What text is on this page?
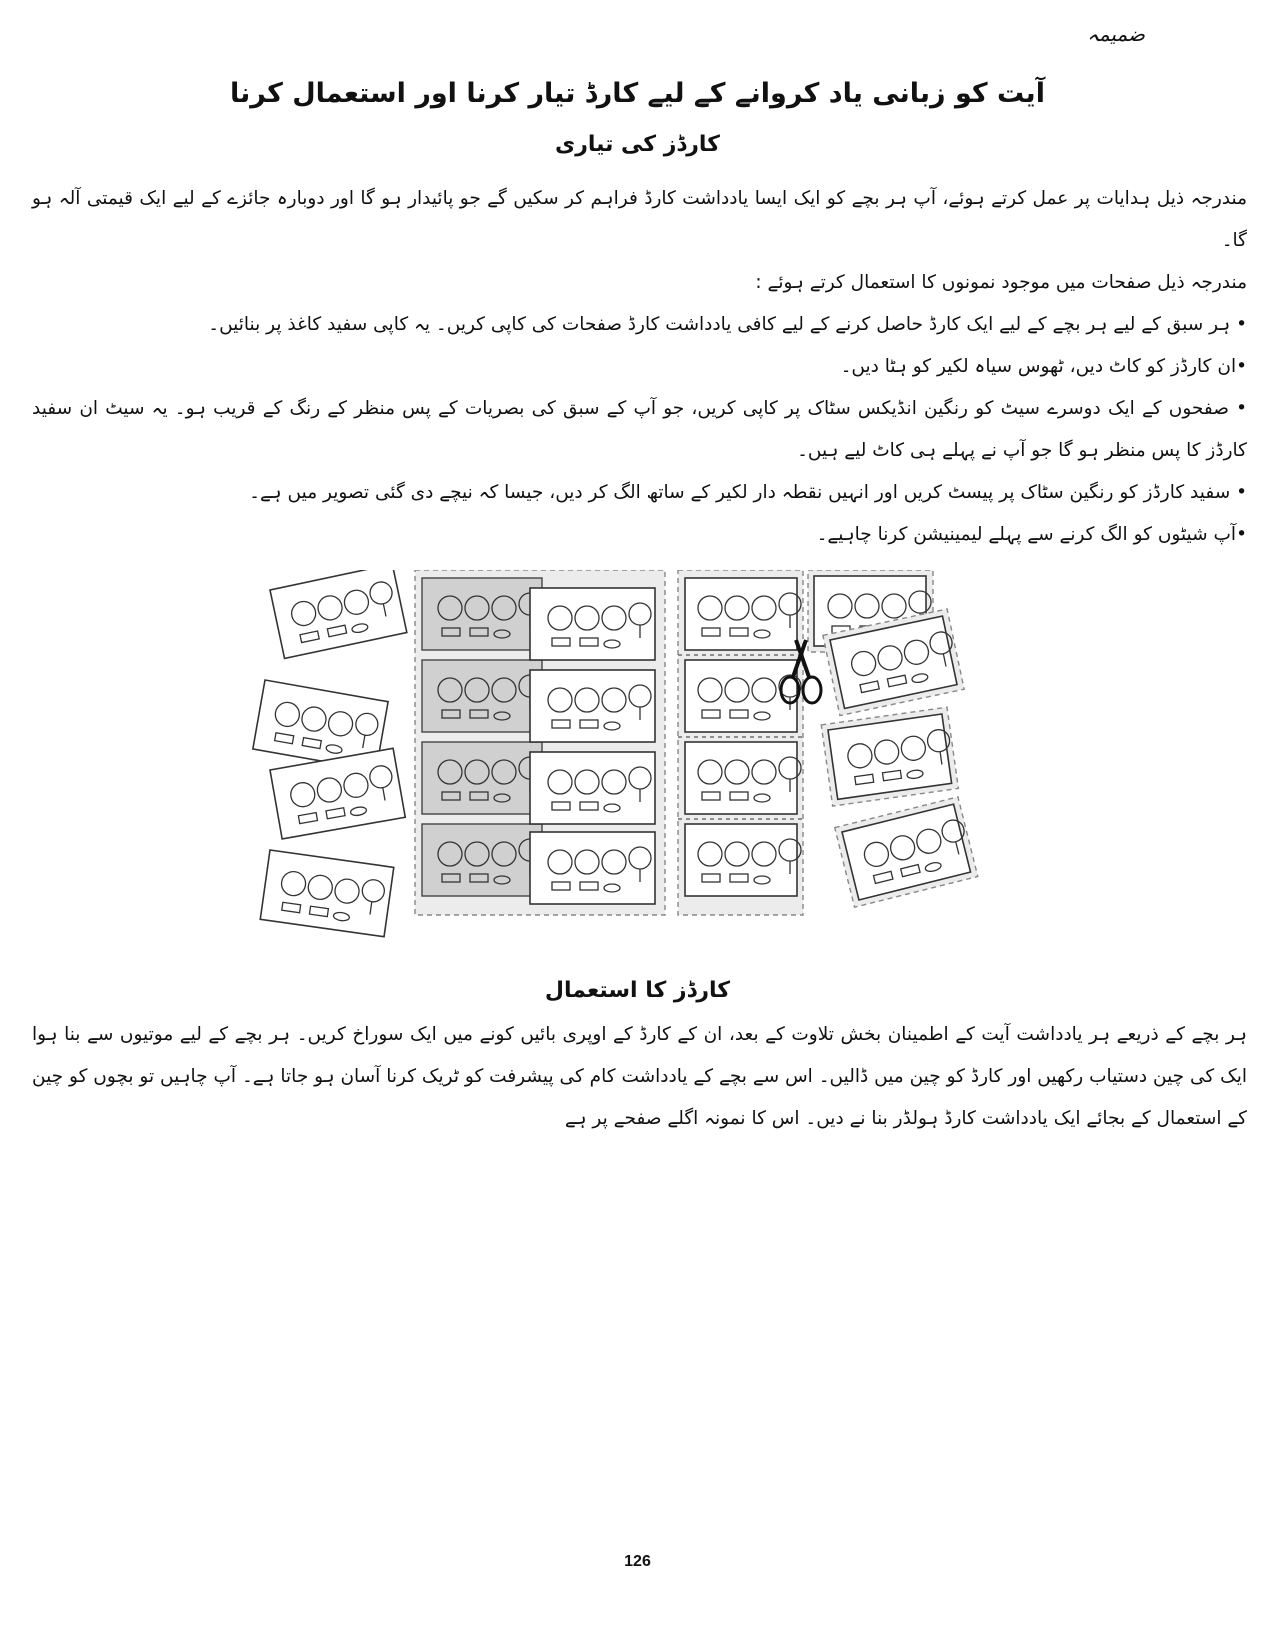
ضمیمہ
آیت کو زبانی یاد کروانے کے لیے کارڈ تیار کرنا اور استعمال کرنا
کارڈز کی تیاری

مندرجہ ذیل ہدایات پر عمل کرتے ہوئے، آپ ہر بچے کو ایک ایسا یادداشت کارڈ فراہم کر سکیں گے جو پائیدار ہو گا اور دوبارہ جائزے کے لیے ایک قیمتی آلہ ہو گا۔

مندرجہ ذیل صفحات میں موجود نمونوں کا استعمال کرتے ہوئے :

• ہر سبق کے لیے ہر بچے کے لیے ایک کارڈ حاصل کرنے کے لیے کافی یادداشت کارڈ صفحات کی کاپی کریں۔ یہ کاپی سفید کاغذ پر بنائیں۔

•ان کارڈز کو کاٹ دیں، ٹھوس سیاہ لکیر کو ہٹا دیں۔

• صفحوں کے ایک دوسرے سیٹ کو رنگین انڈیکس سٹاک پر کاپی کریں، جو آپ کے سبق کی بصریات کے پس منظر کے رنگ کے قریب ہو۔ یہ سیٹ ان سفید کارڈز کا پس منظر ہو گا جو آپ نے پہلے ہی کاٹ لیے ہیں۔

• سفید کارڈز کو رنگین سٹاک پر پیسٹ کریں اور انہیں نقطہ دار لکیر کے ساتھ الگ کر دیں، جیسا کہ نیچے دی گئی تصویر میں ہے۔

•آپ شیٹوں کو الگ کرنے سے پہلے لیمینیشن کرنا چاہیے۔

کارڈز کا استعمال

ہر بچے کے ذریعے ہر یادداشت آیت کے اطمینان بخش تلاوت کے بعد، ان کے کارڈ کے اوپری بائیں کونے میں ایک سوراخ کریں۔ ہر بچے کے لیے موتیوں سے بنا ہوا ایک کی چین دستیاب رکھیں اور کارڈ کو چین میں ڈالیں۔ اس سے بچے کے یادداشت کام کی پیشرفت کو ٹریک کرنا آسان ہو جاتا ہے۔ آپ چاہیں تو بچوں کو چین کے استعمال کے بجائے ایک یادداشت کارڈ ہولڈر بنا نے دیں۔ اس کا نمونہ اگلے صفحے پر ہے

126
